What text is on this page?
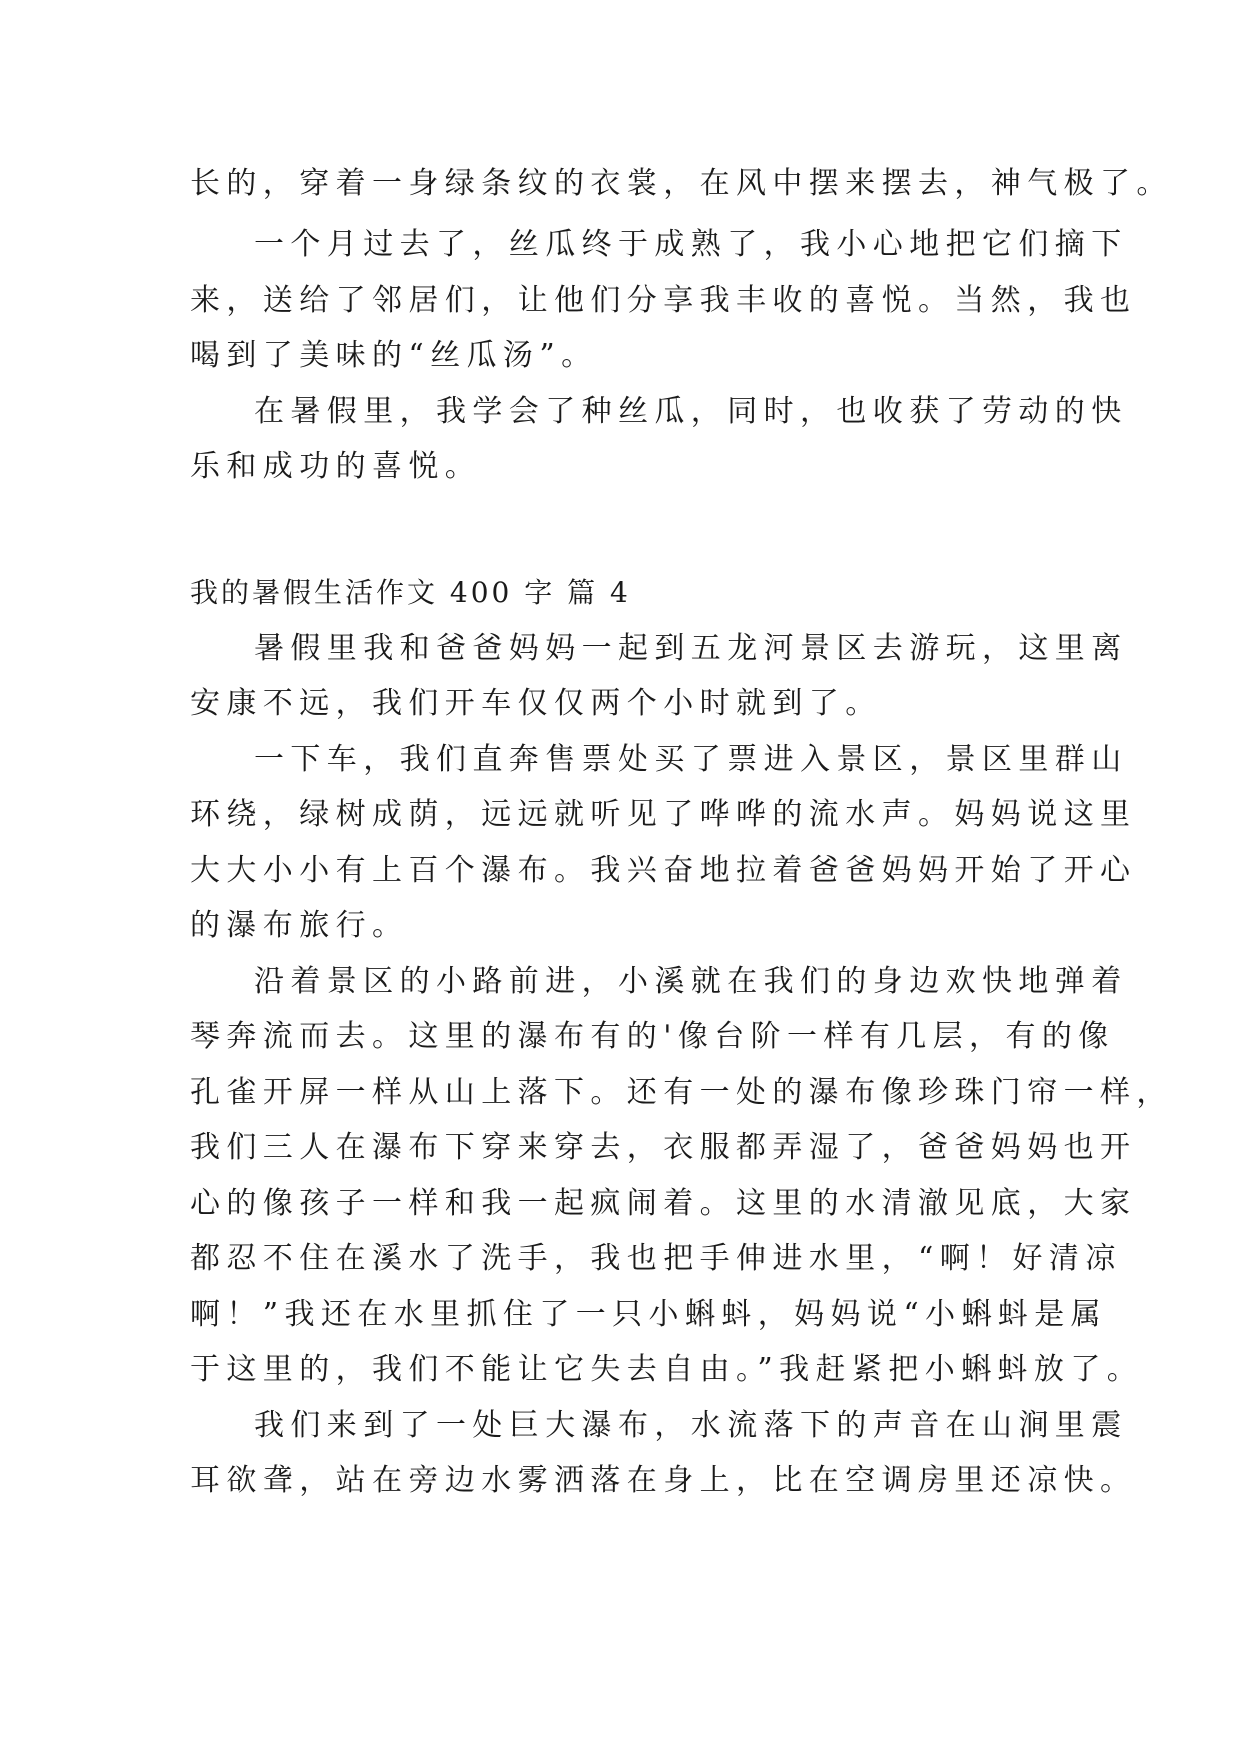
长的，穿着一身绿条纹的衣裳，在风中摆来摆去，神气极了。
一个月过去了，丝瓜终于成熟了，我小心地把它们摘下
来，送给了邻居们，让他们分享我丰收的喜悦。当然，我也
喝到了美味的“丝瓜汤”。
在暑假里，我学会了种丝瓜，同时，也收获了劳动的快
乐和成功的喜悦。
我的暑假生活作文 400 字 篇 4
暑假里我和爸爸妈妈一起到五龙河景区去游玩，这里离
安康不远，我们开车仅仅两个小时就到了。
一下车，我们直奔售票处买了票进入景区，景区里群山
环绕，绿树成荫，远远就听见了哗哗的流水声。妈妈说这里
大大小小有上百个瀑布。我兴奋地拉着爸爸妈妈开始了开心
的瀑布旅行。
沿着景区的小路前进，小溪就在我们的身边欢快地弹着
琴奔流而去。这里的瀑布有的'像台阶一样有几层，有的像
孔雀开屏一样从山上落下。还有一处的瀑布像珍珠门帘一样，
我们三人在瀑布下穿来穿去，衣服都弄湿了，爸爸妈妈也开
心的像孩子一样和我一起疯闹着。这里的水清澈见底，大家
都忍不住在溪水了洗手，我也把手伸进水里，“啊！好清凉
啊！”我还在水里抓住了一只小蝌蚪，妈妈说“小蝌蚪是属
于这里的，我们不能让它失去自由。”我赶紧把小蝌蚪放了。
我们来到了一处巨大瀑布，水流落下的声音在山涧里震
耳欲聋，站在旁边水雾洒落在身上，比在空调房里还凉快。
